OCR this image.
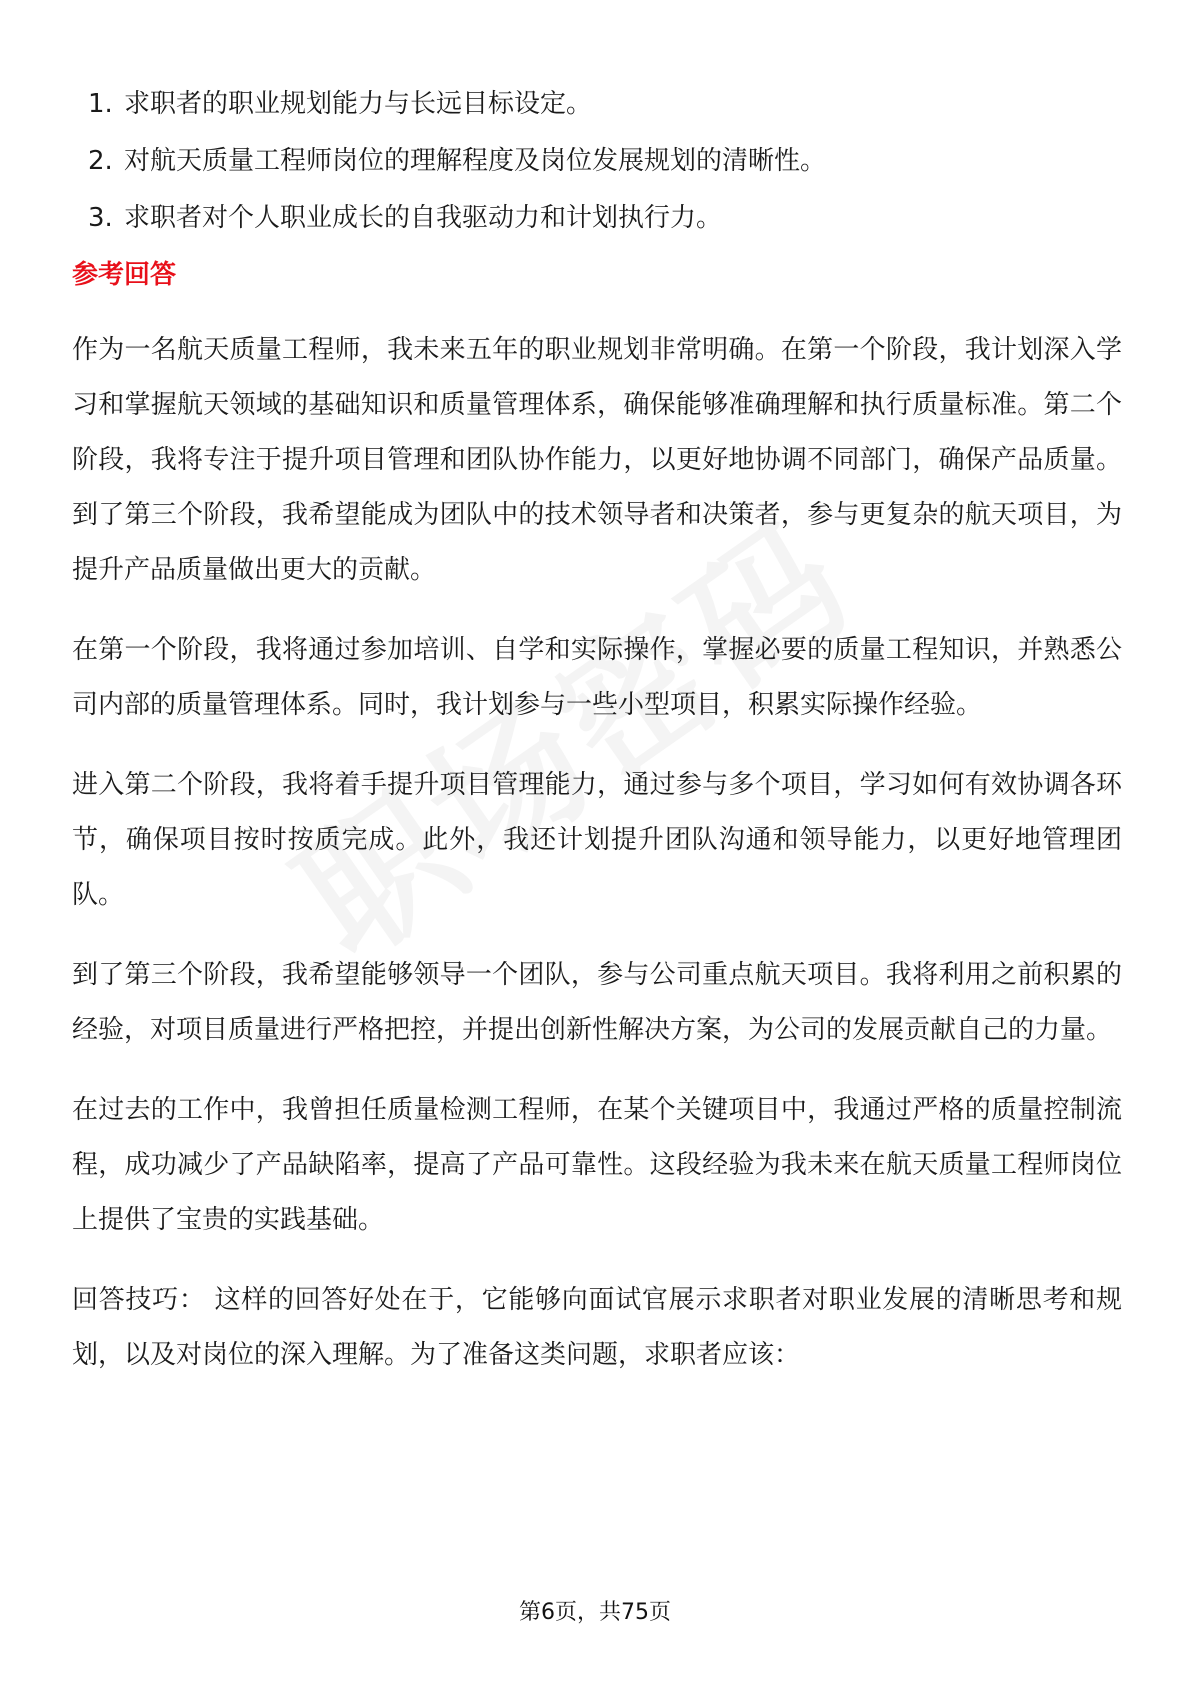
1. 求职者的职业规划能力与长远目标设定。
2. 对航天质量工程师岗位的理解程度及岗位发展规划的清晰性。
3. 求职者对个人职业成长的自我驱动力和计划执行力。
参考回答

作为一名航天质量工程师，我未来五年的职业规划非常明确。在第一个阶段，我计划深入学习和掌握航天领域的基础知识和质量管理体系，确保能够准确理解和执行质量标准。第二个阶段，我将专注于提升项目管理和团队协作能力，以更好地协调不同部门，确保产品质量。到了第三个阶段，我希望能成为团队中的技术领导者和决策者，参与更复杂的航天项目，为提升产品质量做出更大的贡献。

在第一个阶段，我将通过参加培训、自学和实际操作，掌握必要的质量工程知识，并熟悉公司内部的质量管理体系。同时，我计划参与一些小型项目，积累实际操作经验。

进入第二个阶段，我将着手提升项目管理能力，通过参与多个项目，学习如何有效协调各环节，确保项目按时按质完成。此外，我还计划提升团队沟通和领导能力，以更好地管理团队。

到了第三个阶段，我希望能够领导一个团队，参与公司重点航天项目。我将利用之前积累的经验，对项目质量进行严格把控，并提出创新性解决方案，为公司的发展贡献自己的力量。

在过去的工作中，我曾担任质量检测工程师，在某个关键项目中，我通过严格的质量控制流程，成功减少了产品缺陷率，提高了产品可靠性。这段经验为我未来在航天质量工程师岗位上提供了宝贵的实践基础。

回答技巧： 这样的回答好处在于，它能够向面试官展示求职者对职业发展的清晰思考和规划，以及对岗位的深入理解。为了准备这类问题，求职者应该：

第6页，共75页
